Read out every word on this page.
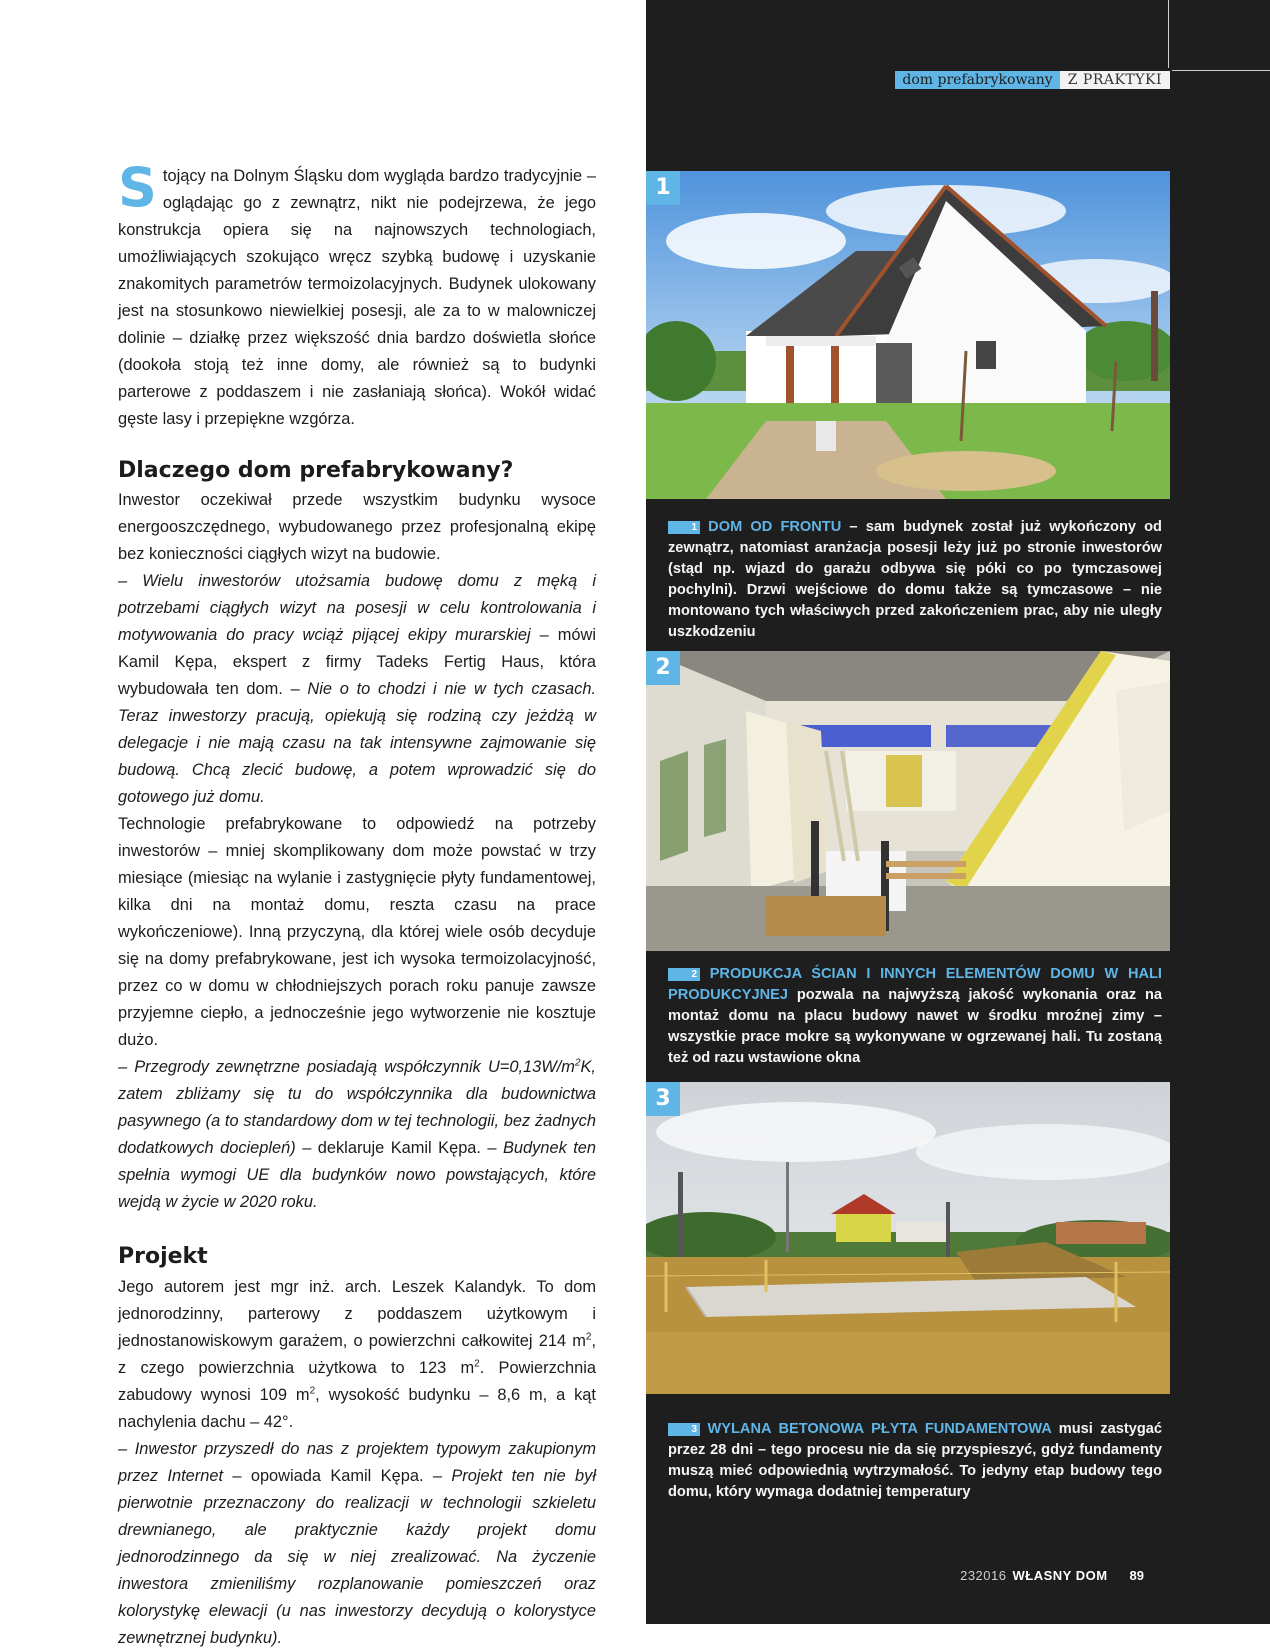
dom prefabrykowany	Z PRAKTYKI

Stojący na Dolnym Śląsku dom wygląda bardzo tradycyjnie – oglądając go z zewnątrz, nikt nie podejrzewa, że jego konstrukcja opiera się na najnowszych technologiach, umożliwiających szokująco wręcz szybką budowę i uzyskanie znakomitych parametrów termoizolacyjnych. Budynek ulokowany jest na stosunkowo niewielkiej posesji, ale za to w malowniczej dolinie – działkę przez większość dnia bardzo doświetla słońce (dookoła stoją też inne domy, ale również są to budynki parterowe z poddaszem i nie zasłaniają słońca). Wokół widać gęste lasy i przepiękne wzgórza.

Dlaczego dom prefabrykowany?

Inwestor oczekiwał przede wszystkim budynku wysoce energooszczędnego, wybudowanego przez profesjonalną ekipę bez konieczności ciągłych wizyt na budowie.

– Wielu inwestorów utożsamia budowę domu z męką i potrzebami ciągłych wizyt na posesji w celu kontrolowania i motywowania do pracy wciąż pijącej ekipy murarskiej – mówi Kamil Kępa, ekspert z firmy Tadeks Fertig Haus, która wybudowała ten dom. – Nie o to chodzi i nie w tych czasach. Teraz inwestorzy pracują, opiekują się rodziną czy jeżdżą w delegacje i nie mają czasu na tak intensywne zajmowanie się budową. Chcą zlecić budowę, a potem wprowadzić się do gotowego już domu.

Technologie prefabrykowane to odpowiedź na potrzeby inwestorów – mniej skomplikowany dom może powstać w trzy miesiące (miesiąc na wylanie i zastygnięcie płyty fundamentowej, kilka dni na montaż domu, reszta czasu na prace wykończeniowe). Inną przyczyną, dla której wiele osób decyduje się na domy prefabrykowane, jest ich wysoka termoizolacyjność, przez co w domu w chłodniejszych porach roku panuje zawsze przyjemne ciepło, a jednocześnie jego wytworzenie nie kosztuje dużo.

– Przegrody zewnętrzne posiadają współczynnik $U=0,13W/m^2K$, zatem zbliżamy się tu do współczynnika dla budownictwa pasywnego (a to standardowy dom w tej technologii, bez żadnych dodatkowych dociepleń) – deklaruje Kamil Kępa. – Budynek ten spełnia wymogi UE dla budynków nowo powstających, które wejdą w życie w 2020 roku.

Projekt

Jego autorem jest mgr inż. arch. Leszek Kalandyk. To dom jednorodzinny, parterowy z poddaszem użytkowym i jednostanowiskowym garażem, o powierzchni całkowitej 214 $m^2$, z czego powierzchnia użytkowa to 123 $m^2$. Powierzchnia zabudowy wynosi 109 $m^2$, wysokość budynku – 8,6 m, a kąt nachylenia dachu – 42°.

– Inwestor przyszedł do nas z projektem typowym zakupionym przez Internet – opowiada Kamil Kępa. – Projekt ten nie był pierwotnie przeznaczony do realizacji w technologii szkieletu drewnianego, ale praktycznie każdy projekt domu jednorodzinnego da się w niej zrealizować. Na życzenie inwestora zmieniliśmy rozplanowanie pomieszczeń oraz kolorystykę elewacji (u nas inwestorzy decydują o kolorystyce zewnętrznej budynku).

1
1 DOM OD FRONTU – sam budynek został już wykończony od zewnątrz, natomiast aranżacja posesji leży już po stronie inwestorów (stąd np. wjazd do garażu odbywa się póki co po tymczasowej pochylni). Drzwi wejściowe do domu także są tymczasowe – nie montowano tych właściwych przed zakończeniem prac, aby nie uległy uszkodzeniu
2
2 PRODUKCJA ŚCIAN I INNYCH ELEMENTÓW DOMU W HALI PRODUKCYJNEJ pozwala na najwyższą jakość wykonania oraz na montaż domu na placu budowy nawet w środku mroźnej zimy – wszystkie prace mokre są wykonywane w ogrzewanej hali. Tu zostaną też od razu wstawione okna
3
3 WYLANA BETONOWA PŁYTA FUNDAMENTOWA musi zastygać przez 28 dni – tego procesu nie da się przyspieszyć, gdyż fundamenty muszą mieć odpowiednią wytrzymałość. To jedyny etap budowy tego domu, który wymaga dodatniej temperatury
232016 WŁASNY DOM 89
